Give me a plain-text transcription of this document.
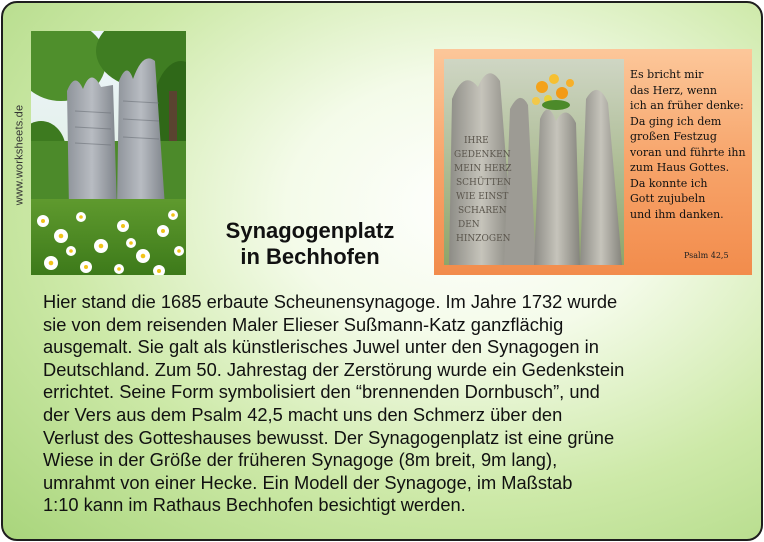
www.worksheets.de	IHRE
GEDENKEN
MEIN HERZ
SCHÜTTEN
WIE EINST
SCHAREN
DEN
HINZOGEN
Es bricht mir
das Herz, wenn
ich an früher denke:
Da ging ich dem
großen Festzug
voran und führte ihn
zum Haus Gottes.
Da konnte ich
Gott zujubeln
und ihm danken.
Psalm 42,5
Synagogenplatz
in Bechhofen
Hier stand die 1685 erbaute Scheunensynagoge. Im Jahre 1732 wurde
sie von dem reisenden Maler Elieser Sußmann-Katz ganzflächig
ausgemalt. Sie galt als künstlerisches Juwel unter den Synagogen in
Deutschland. Zum 50. Jahrestag der Zerstörung wurde ein Gedenkstein
errichtet. Seine Form symbolisiert den “brennenden Dornbusch”, und
der Vers aus dem Psalm 42,5 macht uns den Schmerz über den
Verlust des Gotteshauses bewusst. Der Synagogenplatz ist eine grüne
Wiese in der Größe der früheren Synagoge (8m breit, 9m lang),
umrahmt von einer Hecke. Ein Modell der Synagoge, im Maßstab
1:10 kann im Rathaus Bechhofen besichtigt werden.
